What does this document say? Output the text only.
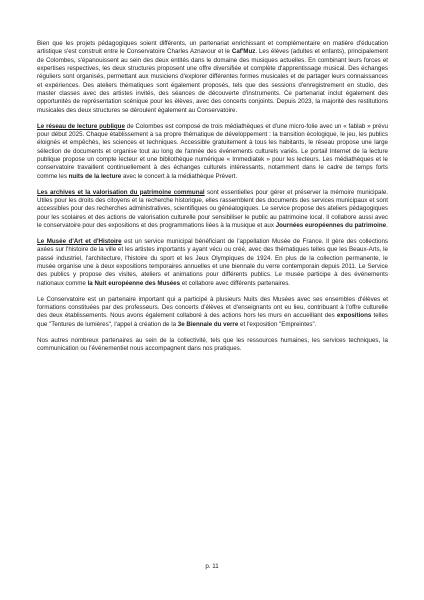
Bien que les projets pédagogiques soient différents, un partenariat enrichissant et complémentaire en matière d'éducation artistique s'est construit entre le Conservatoire Charles Aznavour et le Caf'Muz. Les élèves (adultes et enfants), principalement de Colombes, s'épanouissent au sein des deux entités dans le domaine des musiques actuelles. En combinant leurs forces et expertises respectives, les deux structures proposent une offre diversifiée et complète d'apprentissage musical. Des échanges réguliers sont organisés, permettant aux musiciens d'explorer différentes formes musicales et de partager leurs connaissances et expériences. Des ateliers thématiques sont également proposés, tels que des sessions d'enregistrement en studio, des master classes avec des artistes invités, des séances de découverte d'instruments. Ce partenariat inclut également des opportunités de représentation scénique pour les élèves, avec des concerts conjoints. Depuis 2023, la majorité des restitutions musicales des deux structures se déroulent également au Conservatoire.

Le réseau de lecture publique de Colombes est composé de trois médiathèques et d'une micro-folie avec un « fablab » prévu pour début 2025. Chaque établissement a sa propre thématique de développement : la transition écologique, le jeu, les publics éloignés et empêchés, les sciences et techniques. Accessible gratuitement à tous les habitants, le réseau propose une large sélection de documents et organise tout au long de l'année des événements culturels variés. Le portail Internet de la lecture publique propose un compte lecteur et une bibliothèque numérique « Immediatek » pour les lecteurs. Les médiathèques et le conservatoire travaillent continuellement à des échanges culturels intéressants, notamment dans le cadre de temps forts comme les nuits de la lecture avec le concert à la médiathèque Prévert.

Les archives et la valorisation du patrimoine communal sont essentielles pour gérer et préserver la mémoire municipale. Utiles pour les droits des citoyens et la recherche historique, elles rassemblent des documents des services municipaux et sont accessibles pour des recherches administratives, scientifiques ou généalogiques. Le service propose des ateliers pédagogiques pour les scolaires et des actions de valorisation culturelle pour sensibiliser le public au patrimoine local. Il collabore aussi avec le conservatoire pour des expositions et des programmations liées à la musique et aux Journées européennes du patrimoine.

Le Musée d'Art et d'Histoire est un service municipal bénéficiant de l'appellation Musée de France. Il gère des collections axées sur l'histoire de la ville et les artistes importants y ayant vécu ou créé, avec des thématiques telles que les Beaux-Arts, le passé industriel, l'architecture, l'histoire du sport et les Jeux Olympiques de 1924. En plus de la collection permanente, le musée organise une à deux expositions temporaires annuelles et une biennale du verre contemporain depuis 2011. Le Service des publics y propose des visites, ateliers et animations pour différents publics. Le musée participe à des événements nationaux comme la Nuit européenne des Musées et collabore avec différents partenaires.

Le Conservatoire est un partenaire important qui a participé à plusieurs Nuits des Musées avec ses ensembles d'élèves et formations constituées par des professeurs. Des concerts d'élèves et d'enseignants ont eu lieu, contribuant à l'offre culturelle des deux établissements. Nous avons également collaboré à des actions hors les murs en accueillant des expositions telles que "Tentures de lumières", l'appel à création de la 3e Biennale du verre et l'exposition "Empreintes".

Nos autres nombreux partenaires au sein de la collectivité, tels que les ressources humaines, les services techniques, la communication ou l'événementiel nous accompagnent dans nos pratiques.

p. 11
